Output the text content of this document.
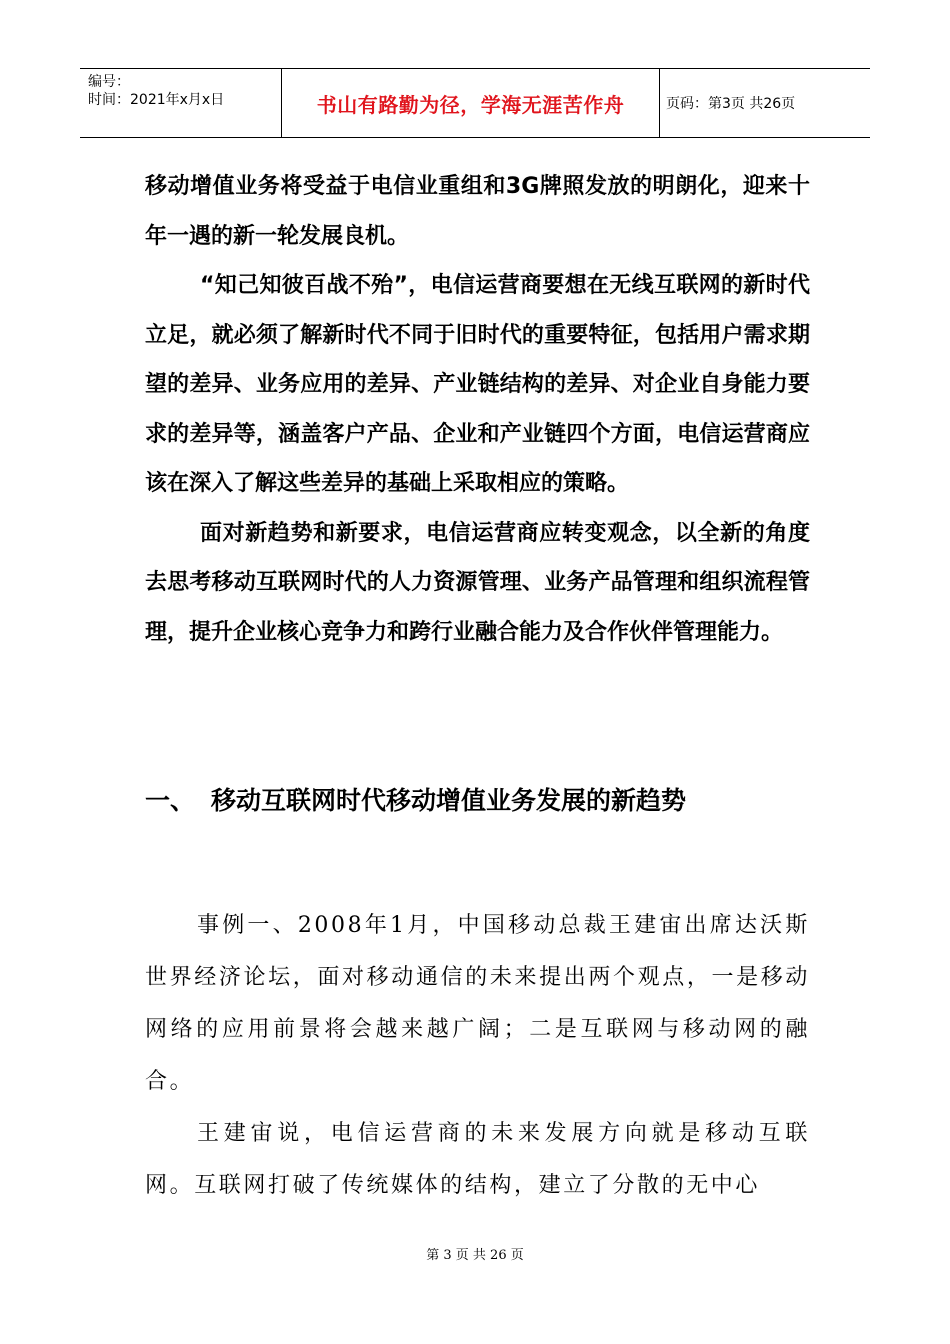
编号：
时间：2021年x月x日	书山有路勤为径，学海无涯苦作舟	页码：第3页 共26页

移动增值业务将受益于电信业重组和3G牌照发放的明朗化，迎来十年一遇的新一轮发展良机。

“知己知彼百战不殆”，电信运营商要想在无线互联网的新时代立足，就必须了解新时代不同于旧时代的重要特征，包括用户需求期望的差异、业务应用的差异、产业链结构的差异、对企业自身能力要求的差异等，涵盖客户产品、企业和产业链四个方面，电信运营商应该在深入了解这些差异的基础上采取相应的策略。

面对新趋势和新要求，电信运营商应转变观念，以全新的角度去思考移动互联网时代的人力资源管理、业务产品管理和组织流程管理，提升企业核心竞争力和跨行业融合能力及合作伙伴管理能力。

一、 移动互联网时代移动增值业务发展的新趋势

事例一、2008年1月，中国移动总裁王建宙出席达沃斯世界经济论坛，面对移动通信的未来提出两个观点，一是移动网络的应用前景将会越来越广阔；二是互联网与移动网的融合。

王建宙说，电信运营商的未来发展方向就是移动互联网。互联网打破了传统媒体的结构，建立了分散的无中心

第 3 页 共 26 页
